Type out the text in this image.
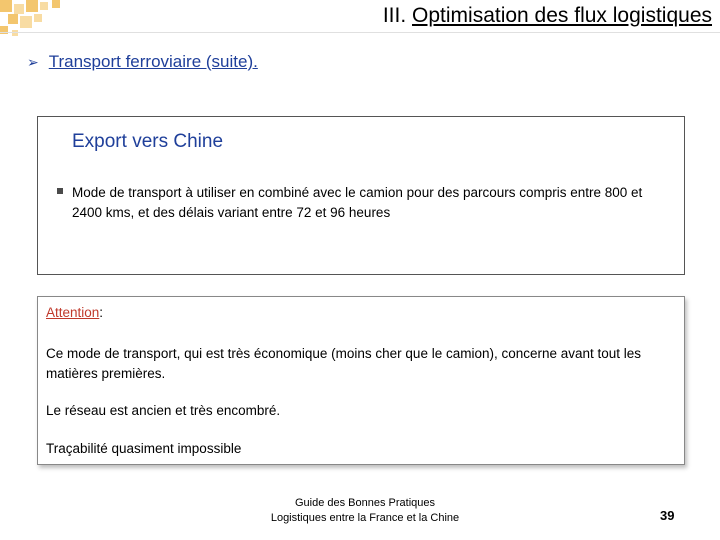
III. Optimisation des flux logistiques
➢ Transport ferroviaire (suite).
Export vers Chine
Mode de transport à utiliser en combiné avec le camion pour des parcours compris entre 800 et 2400 kms, et des délais variant entre 72 et 96 heures

Attention:

Ce mode de transport, qui est très économique (moins cher que le camion), concerne avant tout les matières premières.

Le réseau est ancien et très encombré.

Traçabilité quasiment impossible

Guide des Bonnes Pratiques
Logistiques entre la France et la Chine	39
